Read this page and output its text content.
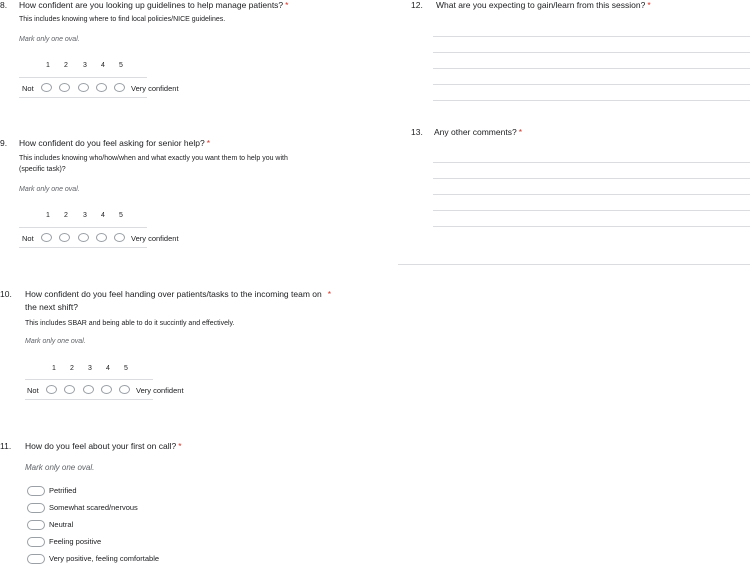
8. How confident are you looking up guidelines to help manage patients? *
This includes knowing where to find local policies/NICE guidelines.
Mark only one oval.
1 2 3 4 5
Not	Very confident
9. How confident do you feel asking for senior help? *
This includes knowing who/how/when and what exactly you want them to help you with
(specific task)?
Mark only one oval.
1 2 3 4 5
Not	Very confident
10. How confident do you feel handing over patients/tasks to the incoming team on *
the next shift?
This includes SBAR and being able to do it succintly and effectively.
Mark only one oval.
1 2 3 4 5
Not	Very confident
11. How do you feel about your first on call? *
Mark only one oval.
Petrified
Somewhat scared/nervous
Neutral
Feeling positive
Very positive, feeling comfortable
12. What are you expecting to gain/learn from this session? *
13. Any other comments? *
